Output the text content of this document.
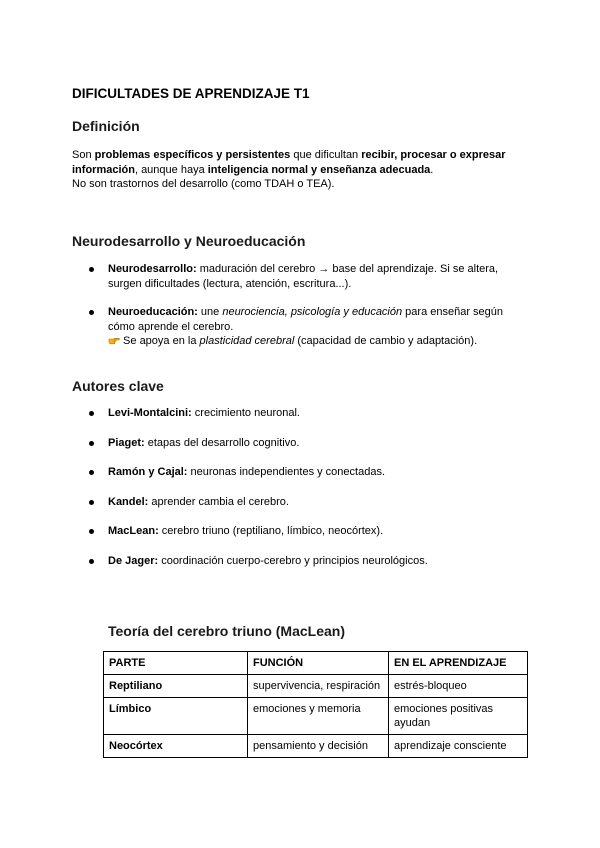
DIFICULTADES DE APRENDIZAJE T1
Definición
Son problemas específicos y persistentes que dificultan recibir, procesar o expresar información, aunque haya inteligencia normal y enseñanza adecuada.
No son trastornos del desarrollo (como TDAH o TEA).
Neurodesarrollo y Neuroeducación
Neurodesarrollo: maduración del cerebro → base del aprendizaje. Si se altera, surgen dificultades (lectura, atención, escritura...).
Neuroeducación: une neurociencia, psicología y educación para enseñar según cómo aprende el cerebro.
Se apoya en la plasticidad cerebral (capacidad de cambio y adaptación).
Autores clave
Levi-Montalcini: crecimiento neuronal.
Piaget: etapas del desarrollo cognitivo.
Ramón y Cajal: neuronas independientes y conectadas.
Kandel: aprender cambia el cerebro.
MacLean: cerebro triuno (reptiliano, límbico, neocórtex).
De Jager: coordinación cuerpo-cerebro y principios neurológicos.
Teoría del cerebro triuno (MacLean)
PARTE	FUNCIÓN	EN EL APRENDIZAJE
Reptiliano	supervivencia, respiración	estrés-bloqueo
Límbico	emociones y memoria	emociones positivas ayudan
Neocórtex	pensamiento y decisión	aprendizaje consciente
